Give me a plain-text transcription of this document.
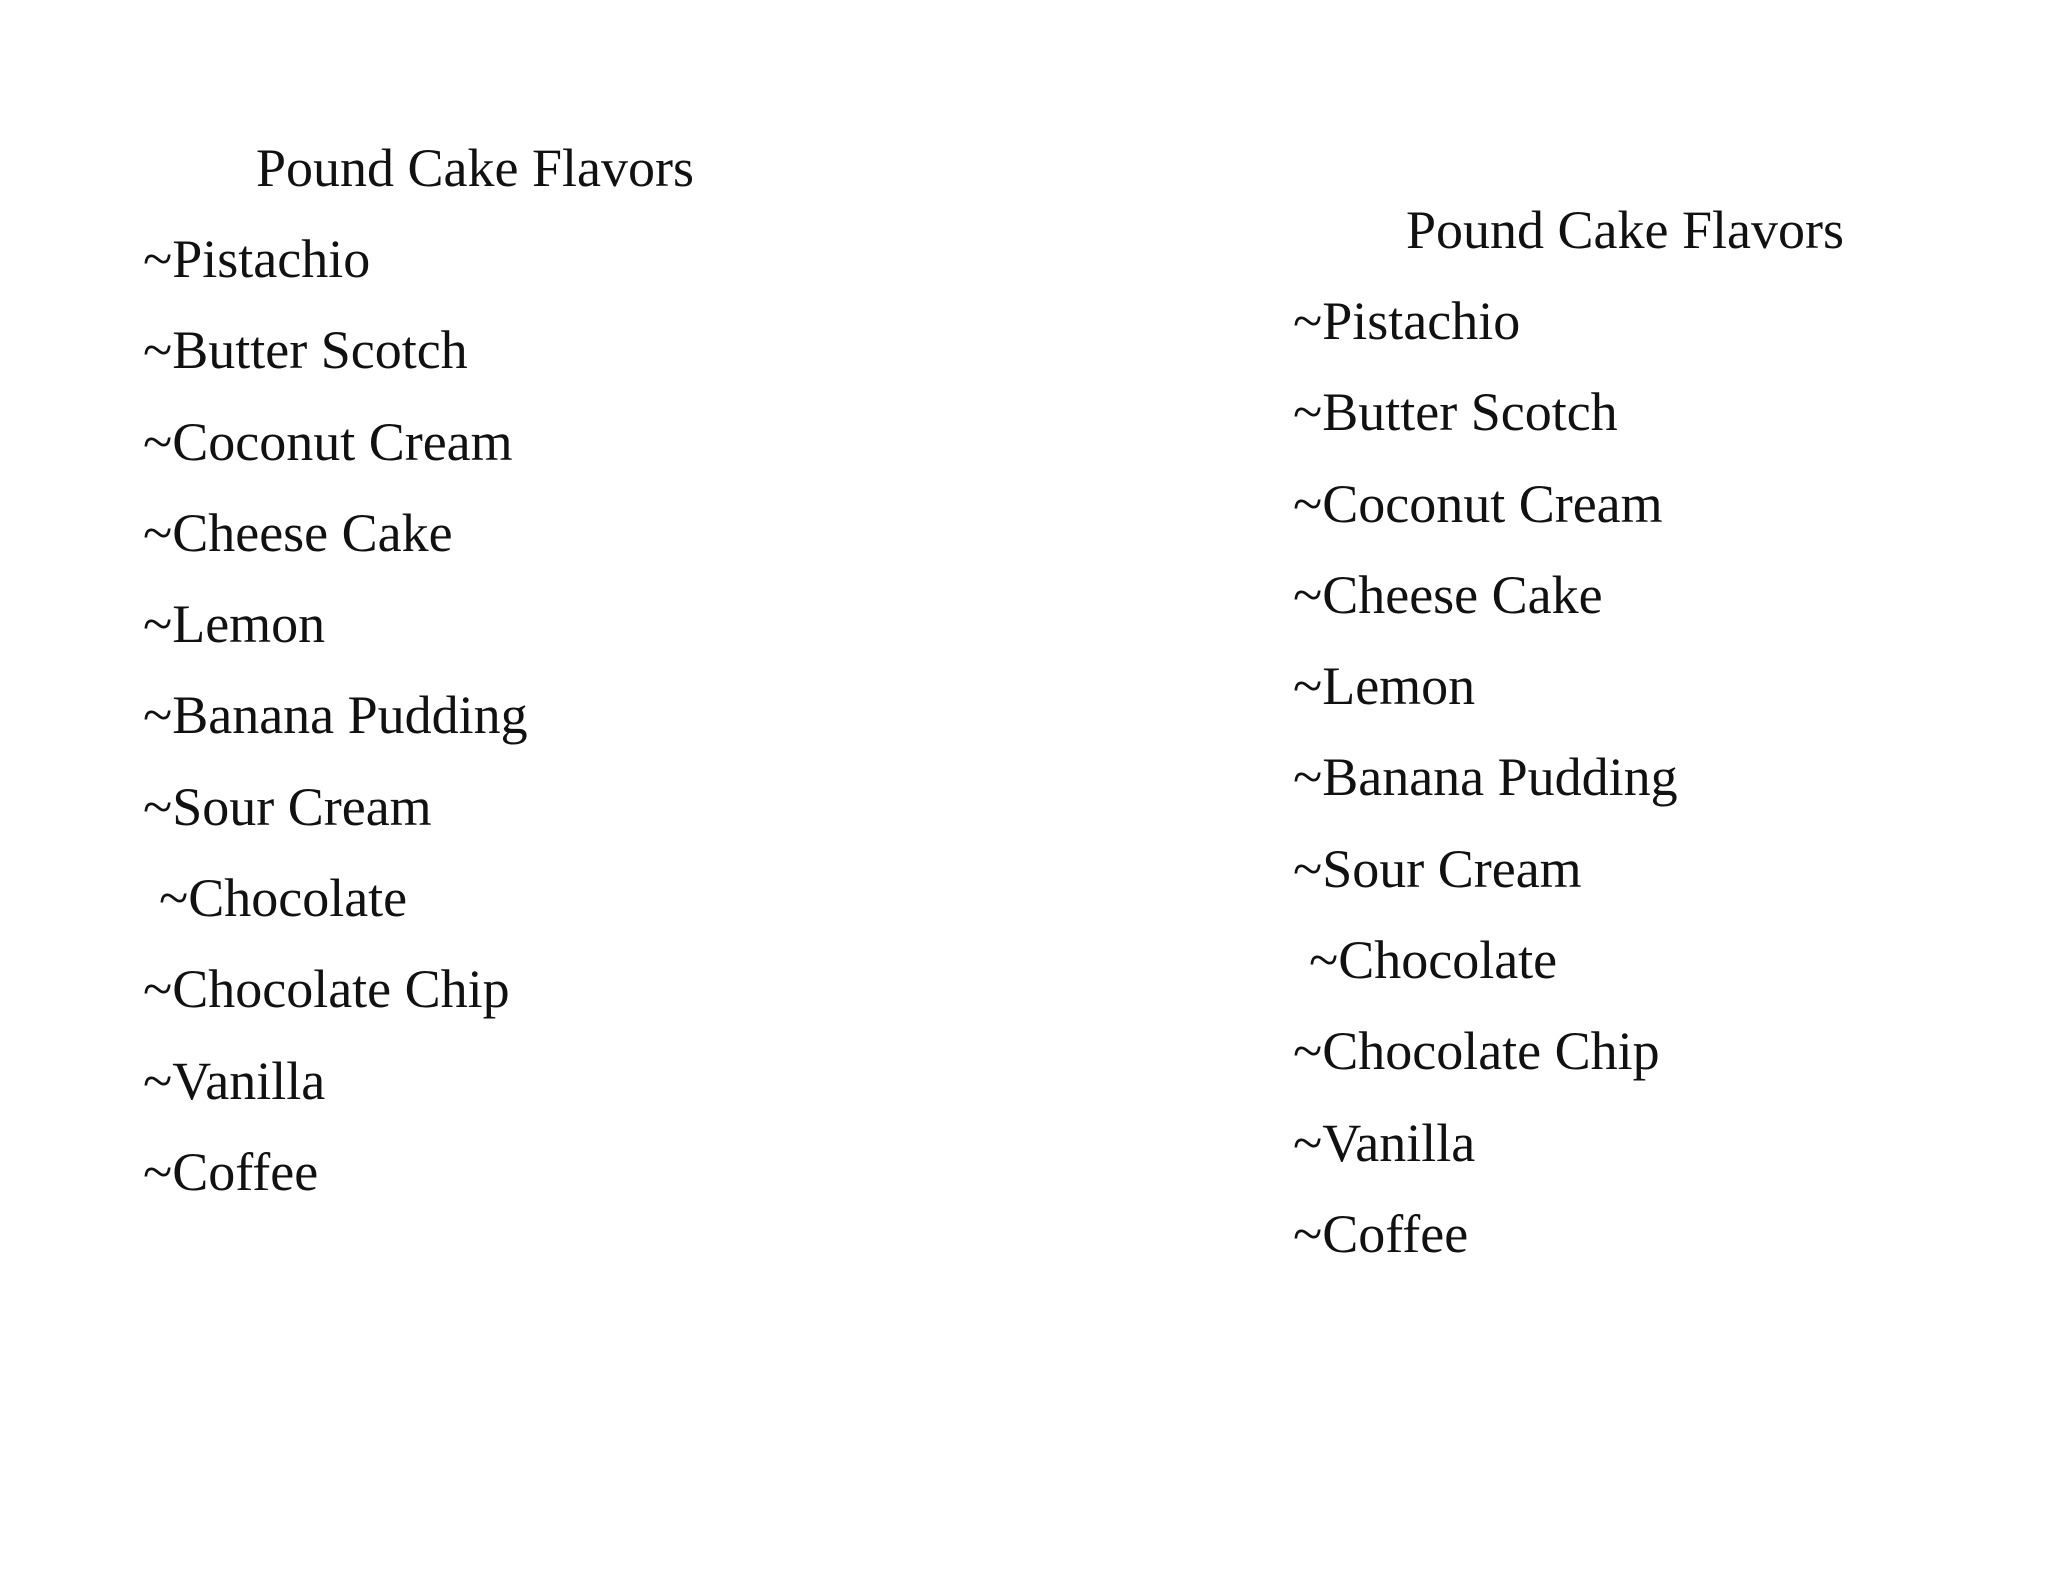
Pound Cake Flavors
~Pistachio
~Butter Scotch
~Coconut Cream
~Cheese Cake
~Lemon
~Banana Pudding
~Sour Cream
~Chocolate
~Chocolate Chip
~Vanilla
~Coffee
Pound Cake Flavors
~Pistachio
~Butter Scotch
~Coconut Cream
~Cheese Cake
~Lemon
~Banana Pudding
~Sour Cream
~Chocolate
~Chocolate Chip
~Vanilla
~Coffee
